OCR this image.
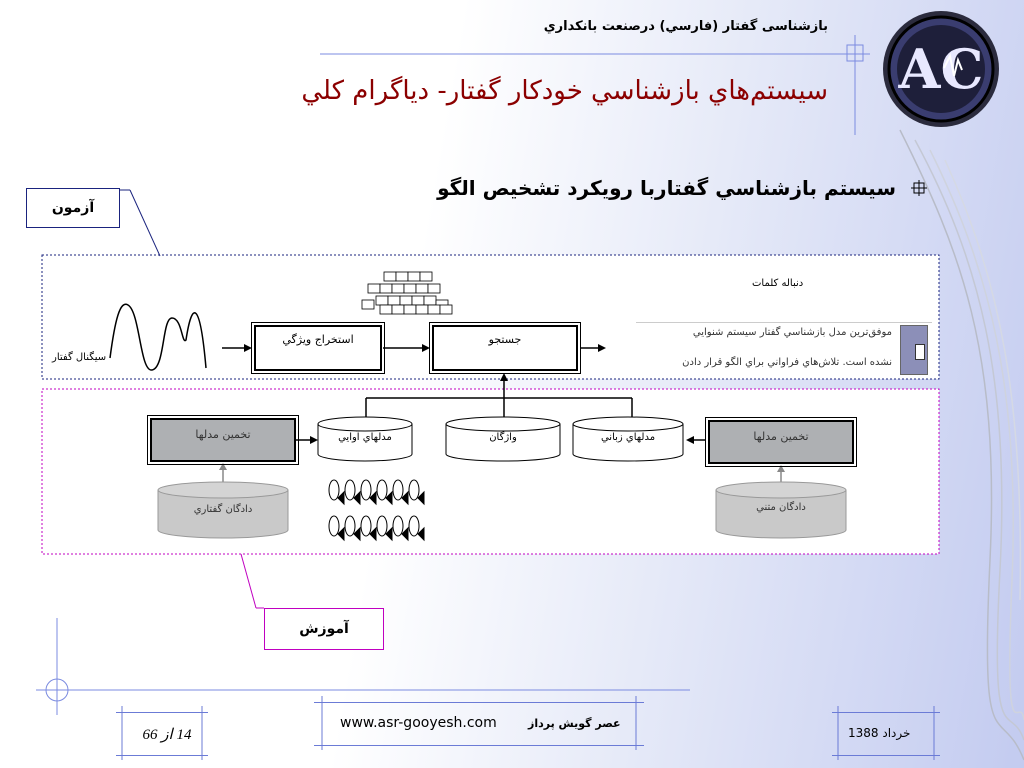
AC
بازشناسی گفتار (فارسي) درصنعت بانکداري
سيستم‌هاي بازشناسي خودکار گفتار- دياگرام کلي
سيستم بازشناسي گفتاربا رويکرد تشخيص الگو
آزمون
آموزش
سيگنال گفتار
استخراج ويژگي	جستجو
دنباله کلمات
موفق‌ترين مدل بازشناسي گفتار سيستم شنوايي
نشده است. تلاش‌هاي فراواني براي الگو قرار دادن
مدلهاي آوايي	واژگان	مدلهاي زباني
تخمين مدلها	تخمين مدلها
دادگان گفتاري	دادگان متني
14 از 66
www.asr-gooyesh.com	عصر گويش پرداز
خرداد 1388
